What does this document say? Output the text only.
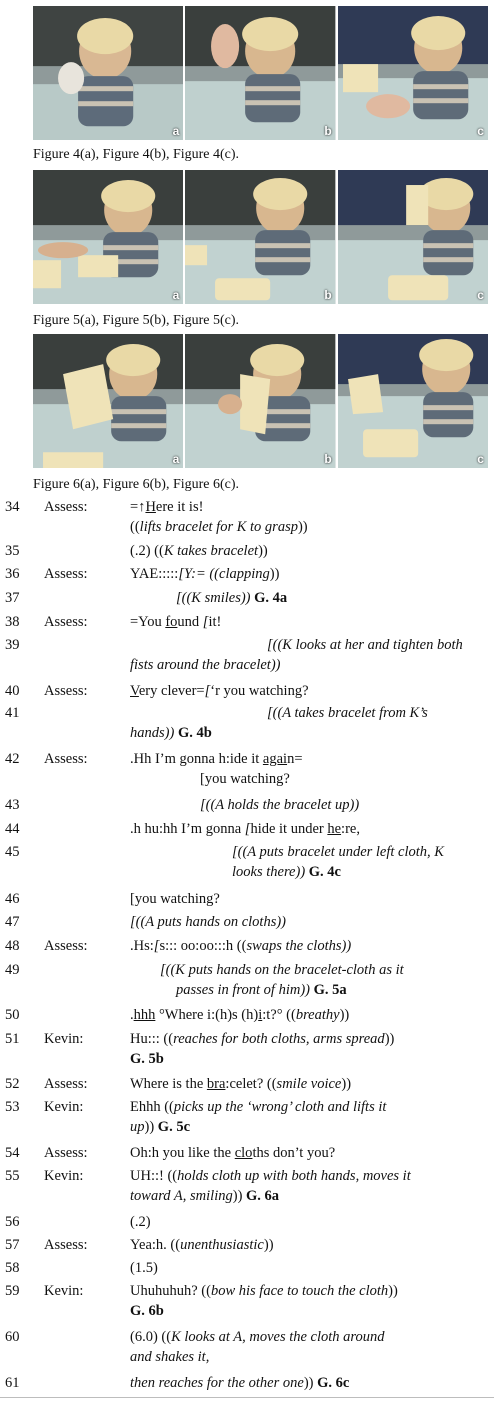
a	b	c
Figure 4(a), Figure 4(b), Figure 4(c).
a	b	c
Figure 5(a), Figure 5(b), Figure 5(c).
a	b	c
Figure 6(a), Figure 6(b), Figure 6(c).
34	Assess:	=↑Here it is!
((lifts bracelet for K to grasp))
35	(.2) ((K takes bracelet))
36	Assess:	YAE:::::[Y:= ((clapping))
37	[((K smiles)) G. 4a
38	Assess:	=You found [it!
39	[((K looks at her and tighten both
fists around the bracelet))
40	Assess:	Very clever=[‘r you watching?
41	[((A takes bracelet from K’s
hands)) G. 4b
42	Assess:	.Hh I’m gonna h:ide it again=
[you watching?
43	[((A holds the bracelet up))
44	.h hu:hh I’m gonna [hide it under he:re,
45	[((A puts bracelet under left cloth, K
looks there)) G. 4c
46	[you watching?
47	[((A puts hands on cloths))
48	Assess:	.Hs:[s::: oo:oo:::h ((swaps the cloths))
49	[((K puts hands on the bracelet-cloth as it
passes in front of him)) G. 5a
50	.hhh °Where i:(h)s (h)i:t?° ((breathy))
51	Kevin:	Hu::: ((reaches for both cloths, arms spread))
G. 5b
52	Assess:	Where is the bra:celet? ((smile voice))
53	Kevin:	Ehhh ((picks up the ‘wrong’ cloth and lifts it
up)) G. 5c
54	Assess:	Oh:h you like the cloths don’t you?
55	Kevin:	UH::! ((holds cloth up with both hands, moves it
toward A, smiling)) G. 6a
56	(.2)
57	Assess:	Yea:h. ((unenthusiastic))
58	(1.5)
59	Kevin:	Uhuhuhuh? ((bow his face to touch the cloth))
G. 6b
60	(6.0) ((K looks at A, moves the cloth around
and shakes it,
61	then reaches for the other one)) G. 6c
